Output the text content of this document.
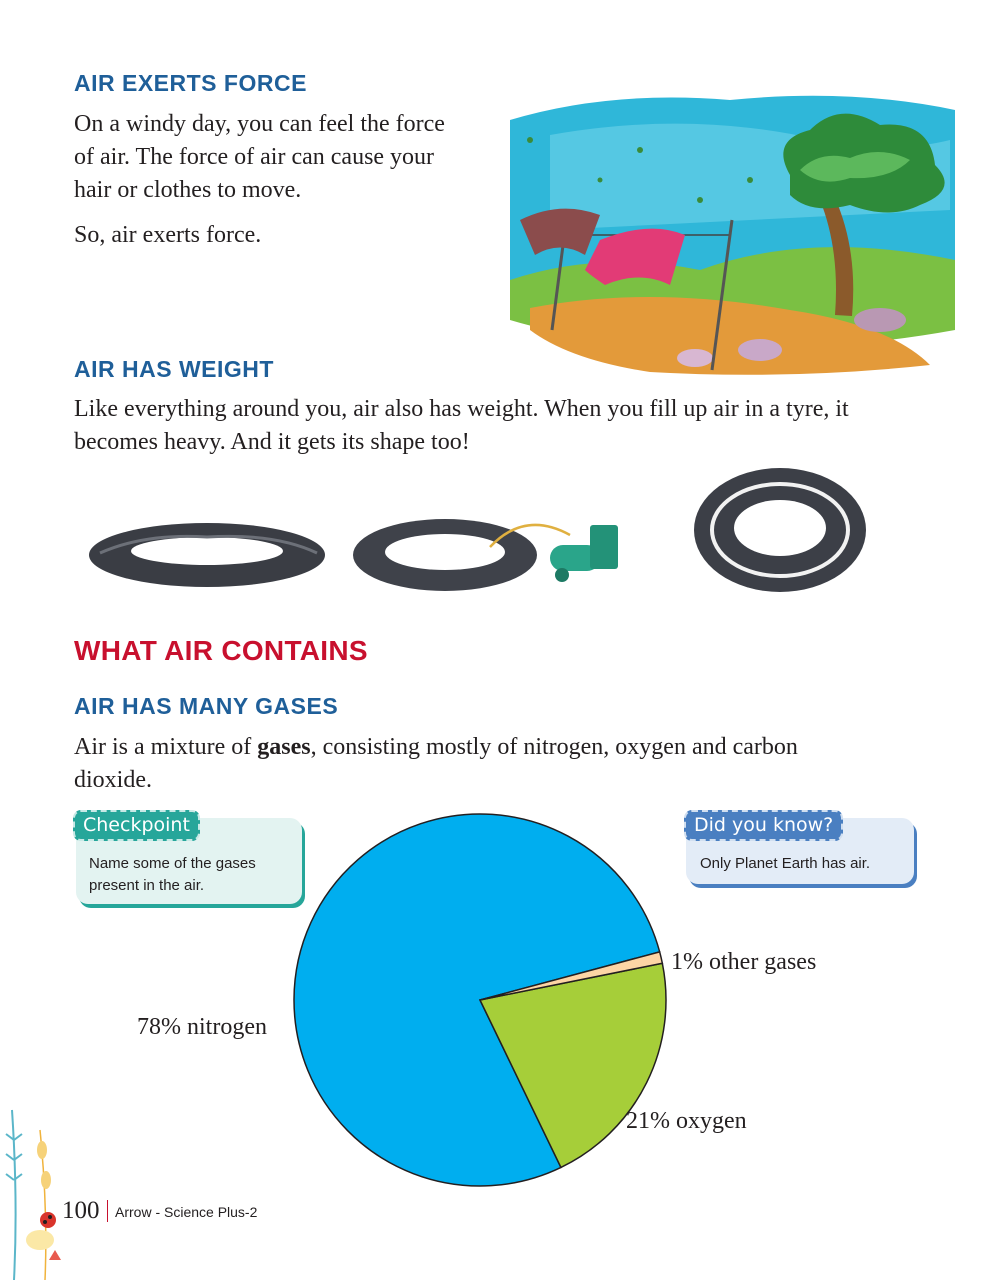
AIR EXERTS FORCE

On a windy day, you can feel the force

of air. The force of air can cause your

hair or clothes to move.

So, air exerts force.

AIR HAS WEIGHT

Like everything around you, air also has weight. When you fill up air in a tyre, it

becomes heavy. And it gets its shape too!

WHAT AIR CONTAINS
AIR HAS MANY GASES

Air is a mixture of gases, consisting mostly of nitrogen, oxygen and carbon

dioxide.

Checkpoint

Name some of the gases

present in the air.

Did you know?

Only Planet Earth has air.

78% nitrogen
21% oxygen
1% other gases
100 Arrow - Science Plus-2
